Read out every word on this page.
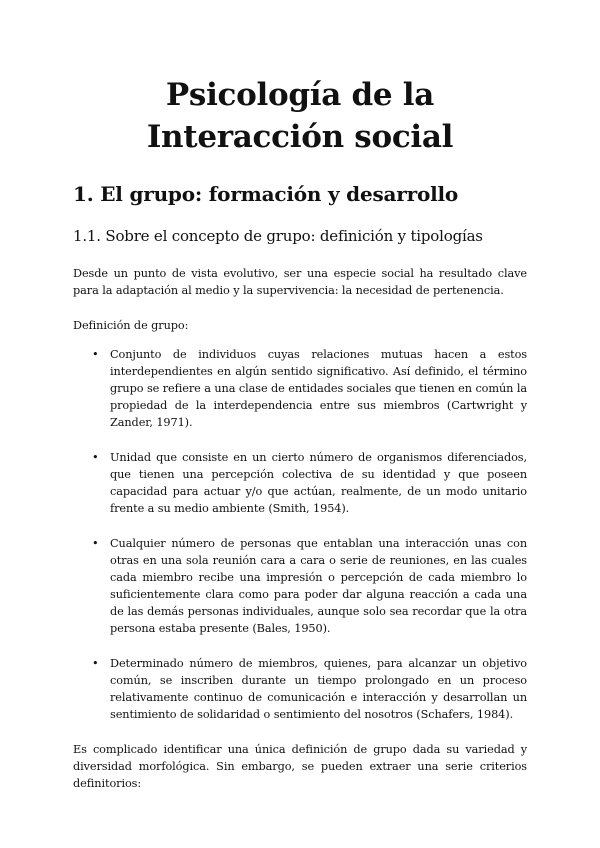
Psicología de la
Interacción social
1. El grupo: formación y desarrollo
1.1. Sobre el concepto de grupo: definición y tipologías

Desde un punto de vista evolutivo, ser una especie social ha resultado clave para la adaptación al medio y la supervivencia: la necesidad de pertenencia.

Definición de grupo:

• Conjunto de individuos cuyas relaciones mutuas hacen a estos interdependientes en algún sentido significativo. Así definido, el término grupo se refiere a una clase de entidades sociales que tienen en común la propiedad de la interdependencia entre sus miembros (Cartwright y Zander, 1971).

• Unidad que consiste en un cierto número de organismos diferenciados, que tienen una percepción colectiva de su identidad y que poseen capacidad para actuar y/o que actúan, realmente, de un modo unitario frente a su medio ambiente (Smith, 1954).

• Cualquier número de personas que entablan una interacción unas con otras en una sola reunión cara a cara o serie de reuniones, en las cuales cada miembro recibe una impresión o percepción de cada miembro lo suficientemente clara como para poder dar alguna reacción a cada una de las demás personas individuales, aunque solo sea recordar que la otra persona estaba presente (Bales, 1950).

• Determinado número de miembros, quienes, para alcanzar un objetivo común, se inscriben durante un tiempo prolongado en un proceso relativamente continuo de comunicación e interacción y desarrollan un sentimiento de solidaridad o sentimiento del nosotros (Schafers, 1984).

Es complicado identificar una única definición de grupo dada su variedad y diversidad morfológica. Sin embargo, se pueden extraer una serie criterios definitorios:
